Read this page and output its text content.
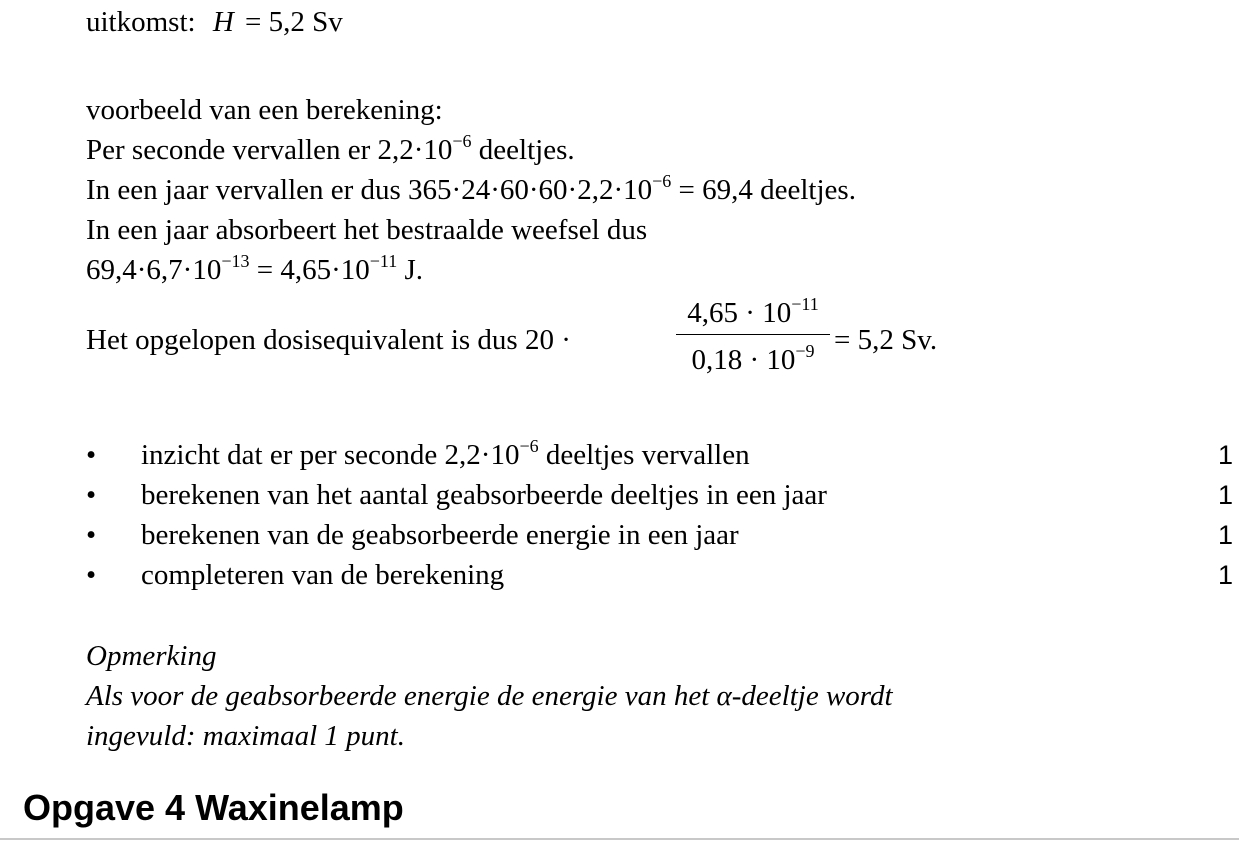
uitkomst: H = 5,2 Sv
voorbeeld van een berekening:
Per seconde vervallen er $2,2\cdot 10^{-6}$ deeltjes.
In een jaar vervallen er dus $365\cdot 24\cdot 60\cdot 60\cdot 2,2\cdot 10^{-6} = 69,4$ deeltjes.
In een jaar absorbeert het bestraalde weefsel dus
$69,4\cdot 6,7\cdot 10^{-13} = 4,65\cdot 10^{-11}$ J.
Het opgelopen dosisequivalent is dus 20 ·	$\frac{4,65 \cdot 10^{-11}}{0,18 \cdot 10^{-9}} = 5,2$ Sv.
• inzicht dat er per seconde $2,2\cdot 10^{-6}$ deeltjes vervallen	1
• berekenen van het aantal geabsorbeerde deeltjes in een jaar	1
• berekenen van de geabsorbeerde energie in een jaar	1
• completeren van de berekening	1
Opmerking
Als voor de geabsorbeerde energie de energie van het α-deeltje wordt
ingevuld: maximaal 1 punt.
Opgave 4 Waxinelamp
